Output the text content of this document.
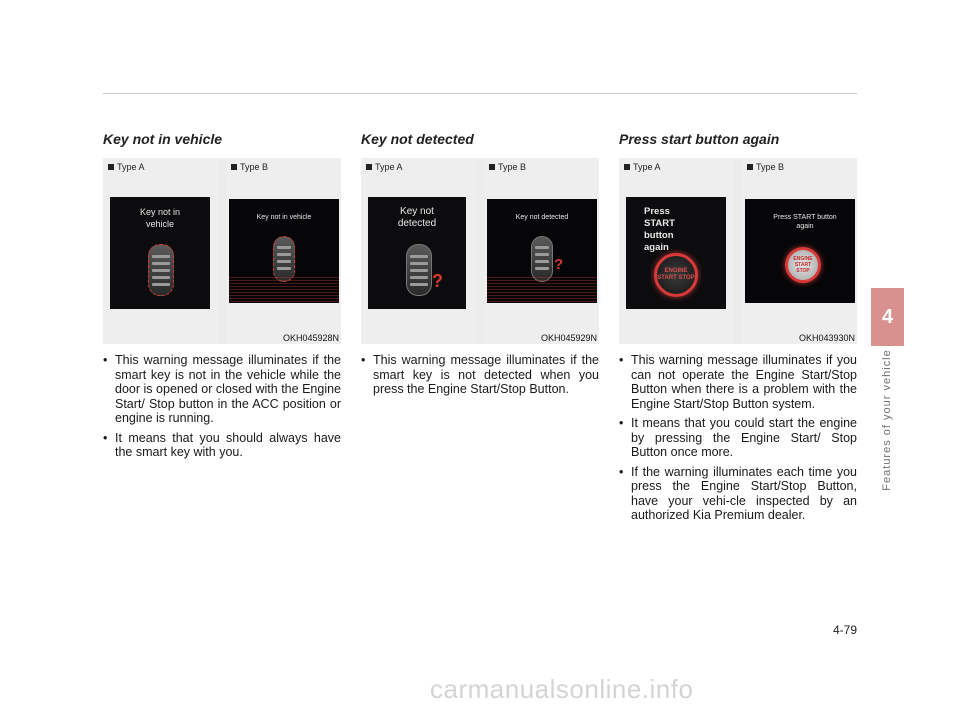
4
Features of your vehicle
Key not in vehicle
Type A
Key not in vehicle
Type B
Key not in vehicle
OKH045928N
• This warning message illuminates if the smart key is not in the vehicle while the door is opened or closed with the Engine Start/ Stop button in the ACC position or engine is running.
• It means that you should always have the smart key with you.
Key not detected
Type A
Key not detected
?
Type B
Key not detected
?
OKH045929N
• This warning message illuminates if the smart key is not detected when you press the Engine Start/Stop Button.
Press start button again
Type A
Press START button again
ENGINE START STOP
Type B
Press START button again
ENGINE START STOP
OKH043930N
• This warning message illuminates if you can not operate the Engine Start/Stop Button when there is a problem with the Engine Start/Stop Button system.
• It means that you could start the engine by pressing the Engine Start/ Stop Button once more.
• If the warning illuminates each time you press the Engine Start/Stop Button, have your vehi-cle inspected by an authorized Kia Premium dealer.
4-79
carmanualsonline.info
